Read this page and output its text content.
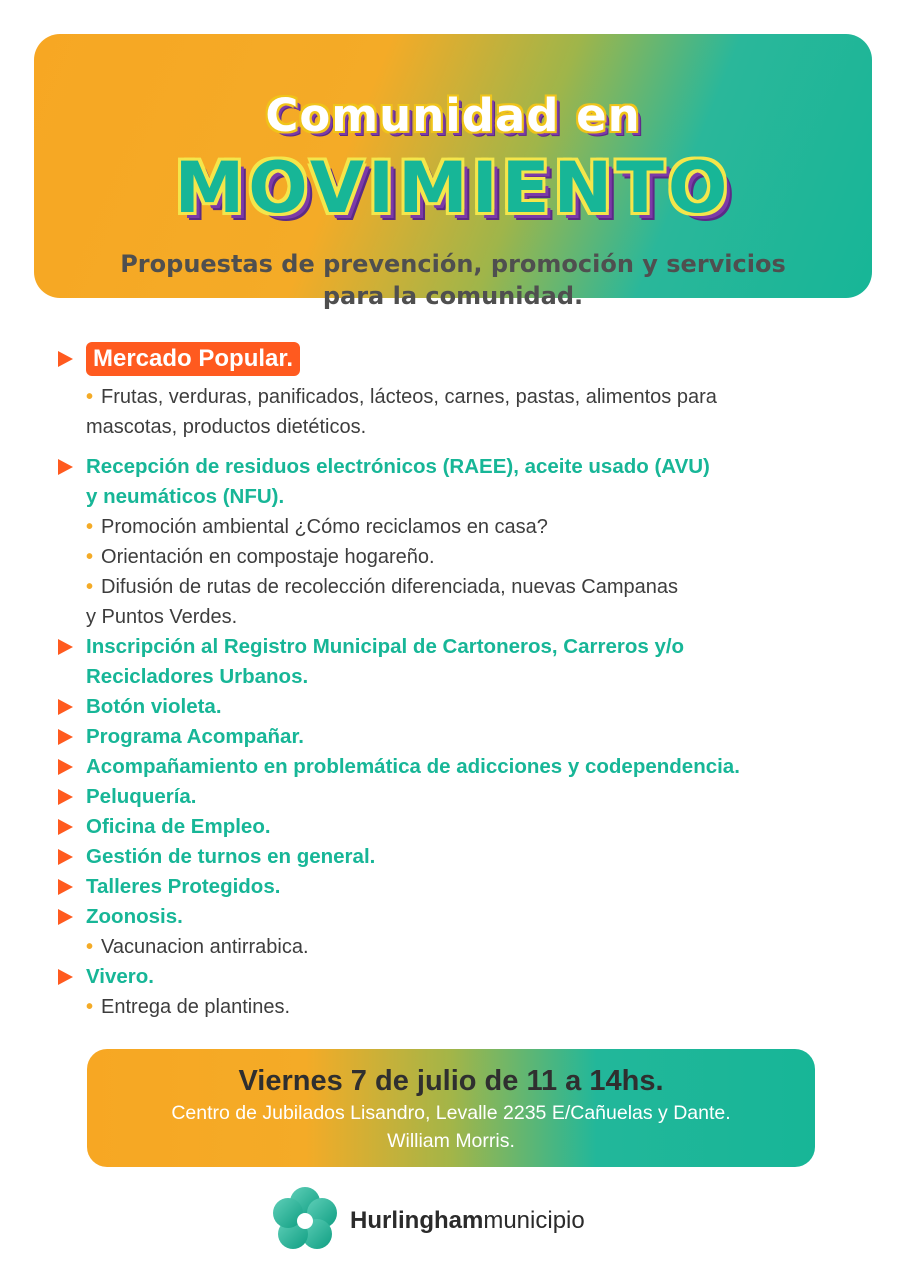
Comunidad en
MOVIMIENTO
Propuestas de prevención, promoción y servicios
para la comunidad.
Mercado Popular.
• Frutas, verduras, panificados, lácteos, carnes, pastas, alimentos para
mascotas, productos dietéticos.
Recepción de residuos electrónicos (RAEE), aceite usado (AVU)
y neumáticos (NFU).
• Promoción ambiental ¿Cómo reciclamos en casa?
• Orientación en compostaje hogareño.
• Difusión de rutas de recolección diferenciada, nuevas Campanas
y Puntos Verdes.
Inscripción al Registro Municipal de Cartoneros, Carreros y/o
Recicladores Urbanos.
Botón violeta.
Programa Acompañar.
Acompañamiento en problemática de adicciones y codependencia.
Peluquería.
Oficina de Empleo.
Gestión de turnos en general.
Talleres Protegidos.
Zoonosis.
• Vacunacion antirrabica.
Vivero.
• Entrega de plantines.
Viernes 7 de julio de 11 a 14hs.
Centro de Jubilados Lisandro, Levalle 2235 E/Cañuelas y Dante.
William Morris.
Hurlinghammunicipio
